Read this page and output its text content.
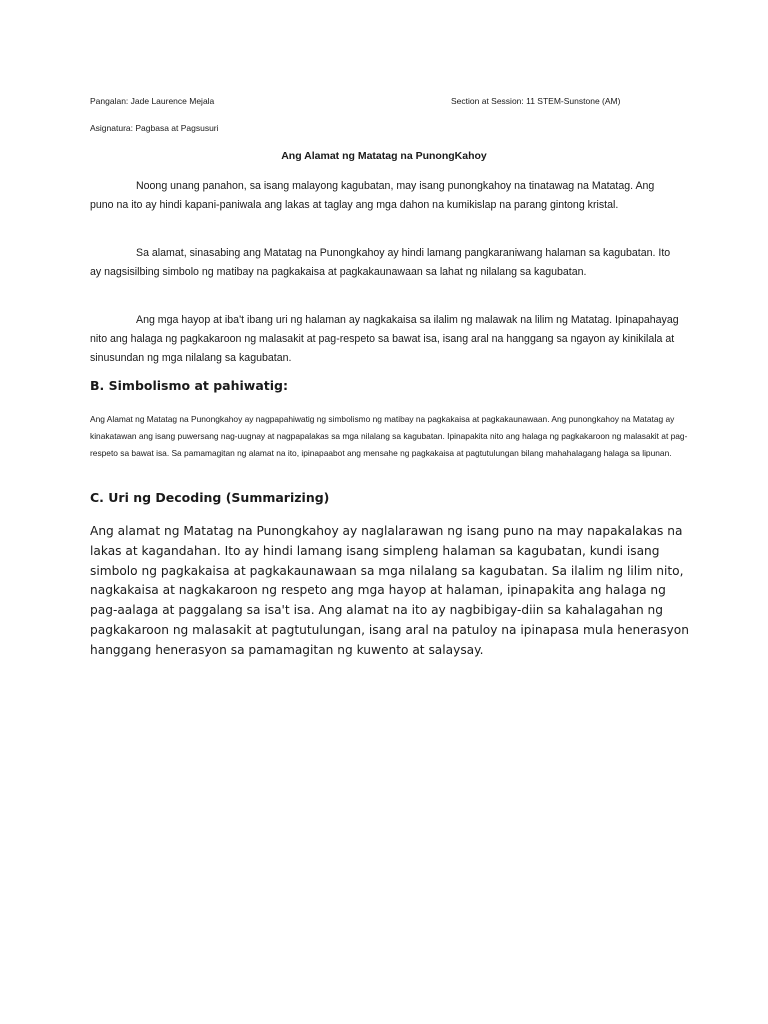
Pangalan: Jade Laurence Mejala	Section at Session: 11 STEM-Sunstone (AM)
Asignatura: Pagbasa at Pagsusuri
Ang Alamat ng Matatag na PunongKahoy

Noong unang panahon, sa isang malayong kagubatan, may isang punongkahoy na tinatawag na Matatag. Ang puno na ito ay hindi kapani-paniwala ang lakas at taglay ang mga dahon na kumikislap na parang gintong kristal.

Sa alamat, sinasabing ang Matatag na Punongkahoy ay hindi lamang pangkaraniwang halaman sa kagubatan. Ito ay nagsisilbing simbolo ng matibay na pagkakaisa at pagkakaunawaan sa lahat ng nilalang sa kagubatan.

Ang mga hayop at iba't ibang uri ng halaman ay nagkakaisa sa ilalim ng malawak na lilim ng Matatag. Ipinapahayag nito ang halaga ng pagkakaroon ng malasakit at pag-respeto sa bawat isa, isang aral na hanggang sa ngayon ay kinikilala at sinusundan ng mga nilalang sa kagubatan.

B. Simbolismo at pahiwatig:

Ang Alamat ng Matatag na Punongkahoy ay nagpapahiwatig ng simbolismo ng matibay na pagkakaisa at pagkakaunawaan. Ang punongkahoy na Matatag ay kinakatawan ang isang puwersang nag-uugnay at nagpapalakas sa mga nilalang sa kagubatan. Ipinapakita nito ang halaga ng pagkakaroon ng malasakit at pag-respeto sa bawat isa. Sa pamamagitan ng alamat na ito, ipinapaabot ang mensahe ng pagkakaisa at pagtutulungan bilang mahahalagang halaga sa lipunan.

C. Uri ng Decoding (Summarizing)

Ang alamat ng Matatag na Punongkahoy ay naglalarawan ng isang puno na may napakalakas na lakas at kagandahan. Ito ay hindi lamang isang simpleng halaman sa kagubatan, kundi isang simbolo ng pagkakaisa at pagkakaunawaan sa mga nilalang sa kagubatan. Sa ilalim ng lilim nito, nagkakaisa at nagkakaroon ng respeto ang mga hayop at halaman, ipinapakita ang halaga ng pag-aalaga at paggalang sa isa't isa. Ang alamat na ito ay nagbibigay-diin sa kahalagahan ng pagkakaroon ng malasakit at pagtutulungan, isang aral na patuloy na ipinapasa mula henerasyon hanggang henerasyon sa pamamagitan ng kuwento at salaysay.
